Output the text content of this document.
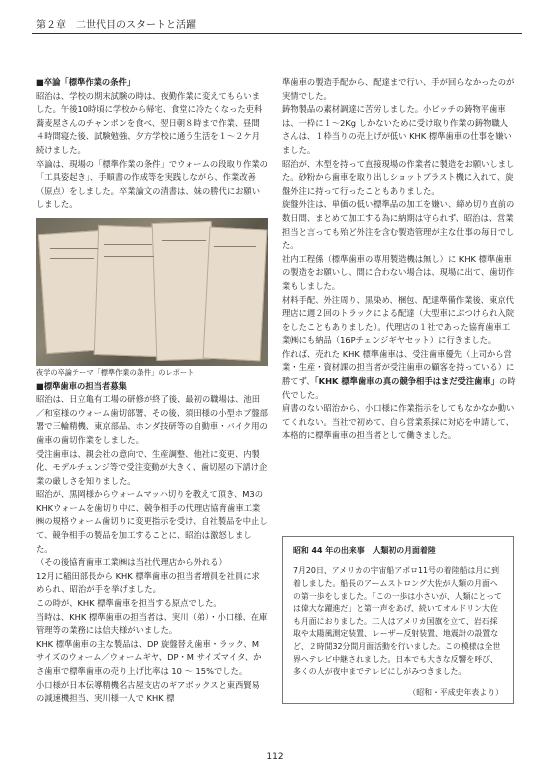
第２章　二世代目のスタートと活躍

■卒論「標準作業の条件」

昭治は、学校の期末試験の時は、夜勤作業に変えてもらいました。午後10時頃に学校から帰宅、食堂に冷たくなった吏科蕎麦屋さんのチャンポンを食べ、翌日朝８時まで作業、昼間４時間寝た後、試験勉強、夕方学校に通う生活を１～２ケ月続けました。

卒論は、現場の「標準作業の条件」でウォームの段取り作業の「工具姿起き」、手順書の作成等を実践しながら、作業改善（原点）をしました。卒業論文の清書は、妹の勝代にお願いしました。

夜学の卒論テーマ「標準作業の条件」のレポート

■標準歯車の担当者募集

昭治は、日立亀有工場の研修が終了後、最初の職場は、池田／和室様のウォーム歯切部署、その後、須田様の小型ホブ盤部署で三輪精機、東京部品、ホンダ技研等の自動車・バイク用の歯車の歯切作業をしました。

受注歯車は、親会社の意向で、生産調整、他社に変更、内製化、モデルチェンジ等で受注変動が大きく、歯切屋の下請け企業の厳しさを知りました。

昭治が、黒岡様からウォームマッハ切りを教えて頂き、M3のKHKウォームを歯切り中に、競争相手の代理店協育歯車工業㈱の規格ウォーム歯切りに変更指示を受け、自社製品を中止して、競争相手の製品を加工することに、昭治は激怒しました。

（その後協育歯車工業㈱は当社代理店から外れる）

12月に稲田部長から KHK 標準歯車の担当者増員を社員に求められ、昭治が手を挙げました。

この時が、KHK 標準歯車を担当する原点でした。

当時は、KHK 標準歯車の担当者は、実川（弟）・小口様、在庫管理等の業務には信夫様がいました。

KHK 標準歯車の主な製品は、DP 旋盤替え歯車・ラック、M サイズのウォーム／ウォームギヤ、DP・M サイズマイタ、かさ歯車で標準歯車の売り上げ比率は 10 ～ 15%でした。

小口様が日本伝導精機名古屋支店のギアボックスと東西賢易の減速機担当、実川様一人で KHK 標

準歯車の製造手配から、配達まで行い、手が回らなかったのが実情でした。

鋳物製品の素材調達に苦労しました。小ピッチの鋳物平歯車は、一枠に１～2Kg しかないために受け取り作業の鋳物職人さんは、１枠当りの売上げが低い KHK 標準歯車の仕事を嫌いました。

昭治が、木型を持って直接現場の作業者に製造をお願いしました。砂粉から歯車を取り出しショットブラスト機に入れて、旋盤外注に持って行ったこともありました。

旋盤外注は、単価の低い標準品の加工を嫌い、締め切り直前の数日間、まとめて加工する為に納期は守られず、昭治は、営業担当と言っても殆ど外注を含む製造管理が主な仕事の毎日でした。

社内工程係（標準歯車の専用製造機は無し）に KHK 標準歯車の製造をお願いし、間に合わない場合は、現場に出て、歯切作業もしました。

材料手配、外注周り、黒染め、梱包、配達準備作業後、東京代理店に週２回のトラックによる配達（大型車にぶつけられ入院をしたこともありました）。代理店の１社であった協育歯車工業㈱にも納品（16Pチェンジギヤセット）に行きました。

作れば、売れた KHK 標準歯車は、受注歯車優先（上司から営業・生産・資材課の担当者が受注歯車の顧客を持っている）に勝てず、「KHK 標準歯車の真の競争相手はまだ受注歯車」の時代でした。

肩書のない昭治から、小口様に作業指示をしてもなかなか動いてくれない。当社で初めて、自ら営業系採に対応を申請して、本格的に標準歯車の担当者として働きました。

昭和 44 年の出来事　人類初の月面着陸

7月20日、アメリカの宇宙船アポロ11号の着陸船は月に到着しました。船長のアームストロング大佐が人類の月面への第一歩をしました。「この一歩は小さいが、人類にとっては偉大な躍進だ」と第一声をあげ、続いてオルドリン大佐も月面におりました。二人はアメリカ国旗を立て、岩石採取や太陽風測定装置、レーザー反射装置、地震計の設置など、２時間32分間月面活動を行いました。この模様は全世界へテレビ中継されました。日本でも大きな反響を呼び、多くの人が夜中までテレビにしがみつきました。

（昭和・平成史年表より）

112
